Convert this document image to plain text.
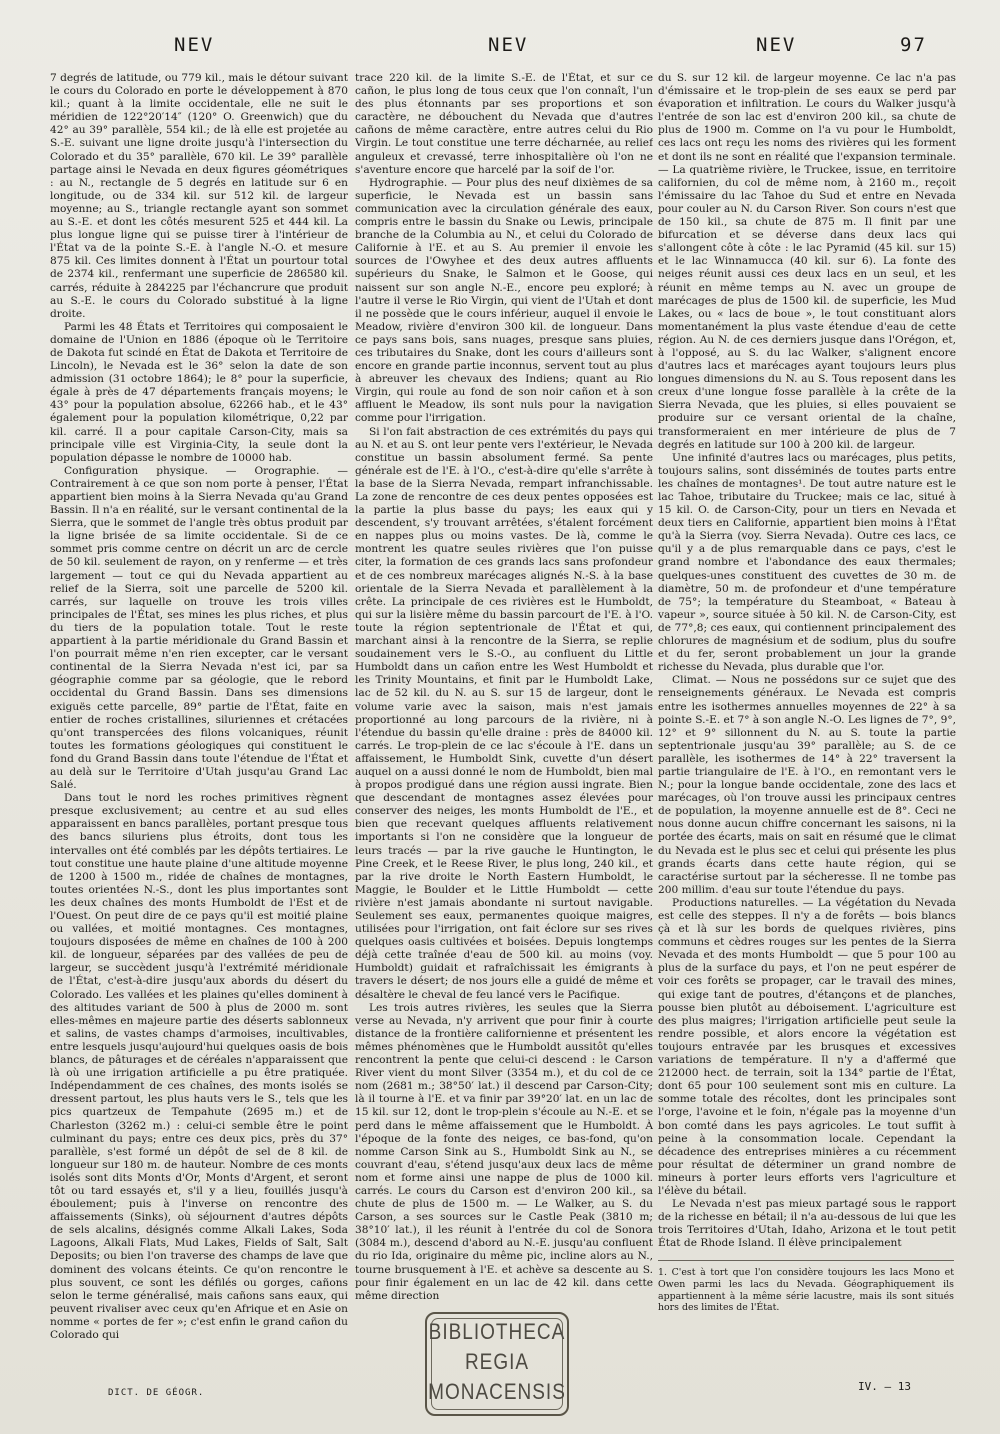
NEV	NEV	NEV	97

7 degrés de latitude, ou 779 kil., mais le détour suivant le cours du Colorado en porte le développement à 870 kil.; quant à la limite occidentale, elle ne suit le méridien de 122°20′14″ (120° O. Greenwich) que du 42° au 39° parallèle, 554 kil.; de là elle est projetée au S.-E. suivant une ligne droite jusqu'à l'intersection du Colorado et du 35° parallèle, 670 kil. Le 39° parallèle partage ainsi le Nevada en deux figures géométriques : au N., rectangle de 5 degrés en latitude sur 6 en longitude, ou de 334 kil. sur 512 kil. de largeur moyenne; au S., triangle rectangle ayant son sommet au S.-E. et dont les côtés mesurent 525 et 444 kil. La plus longue ligne qui se puisse tirer à l'intérieur de l'État va de la pointe S.-E. à l'angle N.-O. et mesure 875 kil. Ces limites donnent à l'État un pourtour total de 2374 kil., renfermant une superficie de 286580 kil. carrés, réduite à 284225 par l'échancrure que produit au S.-E. le cours du Colorado substitué à la ligne droite.

Parmi les 48 États et Territoires qui composaient le domaine de l'Union en 1886 (époque où le Territoire de Dakota fut scindé en État de Dakota et Territoire de Lincoln), le Nevada est le 36° selon la date de son admission (31 octobre 1864); le 8° pour la superficie, égale à près de 47 départements français moyens; le 43° pour la population absolue, 62266 hab., et le 43° également pour la population kilométrique, 0,22 par kil. carré. Il a pour capitale Carson-City, mais sa principale ville est Virginia-City, la seule dont la population dépasse le nombre de 10000 hab.

Configuration physique. — Orographie. — Contrairement à ce que son nom porte à penser, l'État appartient bien moins à la Sierra Nevada qu'au Grand Bassin. Il n'a en réalité, sur le versant continental de la Sierra, que le sommet de l'angle très obtus produit par la ligne brisée de sa limite occidentale. Si de ce sommet pris comme centre on décrit un arc de cercle de 50 kil. seulement de rayon, on y renferme — et très largement — tout ce qui du Nevada appartient au relief de la Sierra, soit une parcelle de 5200 kil. carrés, sur laquelle on trouve les trois villes principales de l'État, ses mines les plus riches, et plus du tiers de la population totale. Tout le reste appartient à la partie méridionale du Grand Bassin et l'on pourrait même n'en rien excepter, car le versant continental de la Sierra Nevada n'est ici, par sa géographie comme par sa géologie, que le rebord occidental du Grand Bassin. Dans ses dimensions exiguës cette parcelle, 89° partie de l'État, faite en entier de roches cristallines, siluriennes et crétacées qu'ont transpercées des filons volcaniques, réunit toutes les formations géologiques qui constituent le fond du Grand Bassin dans toute l'étendue de l'État et au delà sur le Territoire d'Utah jusqu'au Grand Lac Salé.

Dans tout le nord les roches primitives règnent presque exclusivement; au centre et au sud elles apparaissent en bancs parallèles, portant presque tous des bancs siluriens plus étroits, dont tous les intervalles ont été comblés par les dépôts tertiaires. Le tout constitue une haute plaine d'une altitude moyenne de 1200 à 1500 m., ridée de chaînes de montagnes, toutes orientées N.-S., dont les plus importantes sont les deux chaînes des monts Humboldt de l'Est et de l'Ouest. On peut dire de ce pays qu'il est moitié plaine ou vallées, et moitié montagnes. Ces montagnes, toujours disposées de même en chaînes de 100 à 200 kil. de longueur, séparées par des vallées de peu de largeur, se succèdent jusqu'à l'extrémité méridionale de l'État, c'est-à-dire jusqu'aux abords du désert du Colorado. Les vallées et les plaines qu'elles dominent à des altitudes variant de 500 à plus de 2000 m. sont elles-mêmes en majeure partie des déserts sablonneux et salins, de vastes champs d'armoises, incultivables, entre lesquels jusqu'aujourd'hui quelques oasis de bois blancs, de pâturages et de céréales n'apparaissent que là où une irrigation artificielle a pu être pratiquée. Indépendamment de ces chaînes, des monts isolés se dressent partout, les plus hauts vers le S., tels que les pics quartzeux de Tempahute (2695 m.) et de Charleston (3262 m.) : celui-ci semble être le point culminant du pays; entre ces deux pics, près du 37° parallèle, s'est formé un dépôt de sel de 8 kil. de longueur sur 180 m. de hauteur. Nombre de ces monts isolés sont dits Monts d'Or, Monts d'Argent, et seront tôt ou tard essayés et, s'il y a lieu, fouillés jusqu'à éboulement; puis à l'inverse on rencontre des affaissements (Sinks), où séjournent d'autres dépôts de sels alcalins, désignés comme Alkali Lakes, Soda Lagoons, Alkali Flats, Mud Lakes, Fields of Salt, Salt Deposits; ou bien l'on traverse des champs de lave que dominent des volcans éteints. Ce qu'on rencontre le plus souvent, ce sont les défilés ou gorges, cañons selon le terme généralisé, mais cañons sans eaux, qui peuvent rivaliser avec ceux qu'en Afrique et en Asie on nomme « portes de fer »; c'est enfin le grand cañon du Colorado qui

trace 220 kil. de la limite S.-E. de l'État, et sur ce cañon, le plus long de tous ceux que l'on connaît, l'un des plus étonnants par ses proportions et son caractère, ne débouchent du Nevada que d'autres cañons de même caractère, entre autres celui du Rio Virgin. Le tout constitue une terre décharnée, au relief anguleux et crevassé, terre inhospitalière où l'on ne s'aventure encore que harcelé par la soif de l'or.

Hydrographie. — Pour plus des neuf dixièmes de sa superficie, le Nevada est un bassin sans communication avec la circulation générale des eaux, compris entre le bassin du Snake ou Lewis, principale branche de la Columbia au N., et celui du Colorado de Californie à l'E. et au S. Au premier il envoie les sources de l'Owyhee et des deux autres affluents supérieurs du Snake, le Salmon et le Goose, qui naissent sur son angle N.-E., encore peu exploré; à l'autre il verse le Rio Virgin, qui vient de l'Utah et dont il ne possède que le cours inférieur, auquel il envoie le Meadow, rivière d'environ 300 kil. de longueur. Dans ce pays sans bois, sans nuages, presque sans pluies, ces tributaires du Snake, dont les cours d'ailleurs sont encore en grande partie inconnus, servent tout au plus à abreuver les chevaux des Indiens; quant au Rio Virgin, qui roule au fond de son noir cañon et à son affluent le Meadow, ils sont nuls pour la navigation comme pour l'irrigation.

Si l'on fait abstraction de ces extrémités du pays qui au N. et au S. ont leur pente vers l'extérieur, le Nevada constitue un bassin absolument fermé. Sa pente générale est de l'E. à l'O., c'est-à-dire qu'elle s'arrête à la base de la Sierra Nevada, rempart infranchissable. La zone de rencontre de ces deux pentes opposées est la partie la plus basse du pays; les eaux qui y descendent, s'y trouvant arrêtées, s'étalent forcément en nappes plus ou moins vastes. De là, comme le montrent les quatre seules rivières que l'on puisse citer, la formation de ces grands lacs sans profondeur et de ces nombreux marécages alignés N.-S. à la base orientale de la Sierra Nevada et parallèlement à la crête. La principale de ces rivières est le Humboldt, qui sur la lisière même du bassin parcourt de l'E. à l'O. toute la région septentrionale de l'État et qui, marchant ainsi à la rencontre de la Sierra, se replie soudainement vers le S.-O., au confluent du Little Humboldt dans un cañon entre les West Humboldt et les Trinity Mountains, et finit par le Humboldt Lake, lac de 52 kil. du N. au S. sur 15 de largeur, dont le volume varie avec la saison, mais n'est jamais proportionné au long parcours de la rivière, ni à l'étendue du bassin qu'elle draine : près de 84000 kil. carrés. Le trop-plein de ce lac s'écoule à l'E. dans un affaissement, le Humboldt Sink, cuvette d'un désert auquel on a aussi donné le nom de Humboldt, bien mal à propos prodigué dans une région aussi ingrate. Bien que descendant de montagnes assez élevées pour conserver des neiges, les monts Humboldt de l'E., et bien que recevant quelques affluents relativement importants si l'on ne considère que la longueur de leurs tracés — par la rive gauche le Huntington, le Pine Creek, et le Reese River, le plus long, 240 kil., et par la rive droite le North Eastern Humboldt, le Maggie, le Boulder et le Little Humboldt — cette rivière n'est jamais abondante ni surtout navigable. Seulement ses eaux, permanentes quoique maigres, utilisées pour l'irrigation, ont fait éclore sur ses rives quelques oasis cultivées et boisées. Depuis longtemps déjà cette traînée d'eau de 500 kil. au moins (voy. Humboldt) guidait et rafraîchissait les émigrants à travers le désert; de nos jours elle a guidé de même et désaltère le cheval de feu lancé vers le Pacifique.

Les trois autres rivières, les seules que la Sierra verse au Nevada, n'y arrivent que pour finir à courte distance de la frontière californienne et présentent les mêmes phénomènes que le Humboldt aussitôt qu'elles rencontrent la pente que celui-ci descend : le Carson River vient du mont Silver (3354 m.), et du col de ce nom (2681 m.; 38°50′ lat.) il descend par Carson-City; là il tourne à l'E. et va finir par 39°20′ lat. en un lac de 15 kil. sur 12, dont le trop-plein s'écoule au N.-E. et se perd dans le même affaissement que le Humboldt. À l'époque de la fonte des neiges, ce bas-fond, qu'on nomme Carson Sink au S., Humboldt Sink au N., se couvrant d'eau, s'étend jusqu'aux deux lacs de même nom et forme ainsi une nappe de plus de 1000 kil. carrés. Le cours du Carson est d'environ 200 kil., sa chute de plus de 1500 m. — Le Walker, au S. du Carson, a ses sources sur le Castle Peak (3810 m; 38°10′ lat.), il les réunit à l'entrée du col de Sonora (3084 m.), descend d'abord au N.-E. jusqu'au confluent du rio Ida, originaire du même pic, incline alors au N., tourne brusquement à l'E. et achève sa descente au S. pour finir également en un lac de 42 kil. dans cette même direction

du S. sur 12 kil. de largeur moyenne. Ce lac n'a pas d'émissaire et le trop-plein de ses eaux se perd par évaporation et infiltration. Le cours du Walker jusqu'à l'entrée de son lac est d'environ 200 kil., sa chute de plus de 1900 m. Comme on l'a vu pour le Humboldt, ces lacs ont reçu les noms des rivières qui les forment et dont ils ne sont en réalité que l'expansion terminale. — La quatrième rivière, le Truckee, issue, en territoire californien, du col de même nom, à 2160 m., reçoit l'émissaire du lac Tahoe du Sud et entre en Nevada pour couler au N. du Carson River. Son cours n'est que de 150 kil., sa chute de 875 m. Il finit par une bifurcation et se déverse dans deux lacs qui s'allongent côte à côte : le lac Pyramid (45 kil. sur 15) et le lac Winnamucca (40 kil. sur 6). La fonte des neiges réunit aussi ces deux lacs en un seul, et les réunit en même temps au N. avec un groupe de marécages de plus de 1500 kil. de superficie, les Mud Lakes, ou « lacs de boue », le tout constituant alors momentanément la plus vaste étendue d'eau de cette région. Au N. de ces derniers jusque dans l'Orégon, et, à l'opposé, au S. du lac Walker, s'alignent encore d'autres lacs et marécages ayant toujours leurs plus longues dimensions du N. au S. Tous reposent dans les creux d'une longue fosse parallèle à la crête de la Sierra Nevada, que les pluies, si elles pouvaient se produire sur ce versant oriental de la chaîne, transformeraient en mer intérieure de plus de 7 degrés en latitude sur 100 à 200 kil. de largeur.

Une infinité d'autres lacs ou marécages, plus petits, toujours salins, sont disséminés de toutes parts entre les chaînes de montagnes¹. De tout autre nature est le lac Tahoe, tributaire du Truckee; mais ce lac, situé à 15 kil. O. de Carson-City, pour un tiers en Nevada et deux tiers en Californie, appartient bien moins à l'État qu'à la Sierra (voy. Sierra Nevada). Outre ces lacs, ce qu'il y a de plus remarquable dans ce pays, c'est le grand nombre et l'abondance des eaux thermales; quelques-unes constituent des cuvettes de 30 m. de diamètre, 50 m. de profondeur et d'une température de 75°; la température du Steamboat, « Bateau à vapeur », source située à 50 kil. N. de Carson-City, est de 77°,8; ces eaux, qui contiennent principalement des chlorures de magnésium et de sodium, plus du soufre et du fer, seront probablement un jour la grande richesse du Nevada, plus durable que l'or.

Climat. — Nous ne possédons sur ce sujet que des renseignements généraux. Le Nevada est compris entre les isothermes annuelles moyennes de 22° à sa pointe S.-E. et 7° à son angle N.-O. Les lignes de 7°, 9°, 12° et 9° sillonnent du N. au S. toute la partie septentrionale jusqu'au 39° parallèle; au S. de ce parallèle, les isothermes de 14° à 22° traversent la partie triangulaire de l'E. à l'O., en remontant vers le N.; pour la longue bande occidentale, zone des lacs et marécages, où l'on trouve aussi les principaux centres de population, la moyenne annuelle est de 8°. Ceci ne nous donne aucun chiffre concernant les saisons, ni la portée des écarts, mais on sait en résumé que le climat du Nevada est le plus sec et celui qui présente les plus grands écarts dans cette haute région, qui se caractérise surtout par la sécheresse. Il ne tombe pas 200 millim. d'eau sur toute l'étendue du pays.

Productions naturelles. — La végétation du Nevada est celle des steppes. Il n'y a de forêts — bois blancs çà et là sur les bords de quelques rivières, pins communs et cèdres rouges sur les pentes de la Sierra Nevada et des monts Humboldt — que 5 pour 100 au plus de la surface du pays, et l'on ne peut espérer de voir ces forêts se propager, car le travail des mines, qui exige tant de poutres, d'étançons et de planches, pousse bien plutôt au déboisement. L'agriculture est des plus maigres; l'irrigation artificielle peut seule la rendre possible, et alors encore la végétation est toujours entravée par les brusques et excessives variations de température. Il n'y a d'affermé que 212000 hect. de terrain, soit la 134° partie de l'État, dont 65 pour 100 seulement sont mis en culture. La somme totale des récoltes, dont les principales sont l'orge, l'avoine et le foin, n'égale pas la moyenne d'un bon comté dans les pays agricoles. Le tout suffit à peine à la consommation locale. Cependant la décadence des entreprises minières a cu récemment pour résultat de déterminer un grand nombre de mineurs à porter leurs efforts vers l'agriculture et l'élève du bétail.

Le Nevada n'est pas mieux partagé sous le rapport de la richesse en bétail; il n'a au-dessous de lui que les trois Territoires d'Utah, Idaho, Arizona et le tout petit État de Rhode Island. Il élève principalement

1. C'est à tort que l'on considère toujours les lacs Mono et Owen parmi les lacs du Nevada. Géographiquement ils appartiennent à la même série lacustre, mais ils sont situés hors des limites de l'État.

DICT. DE GÉOGR.	IV. — 13
BIBLIOTHECA
REGIA
MONACENSIS
